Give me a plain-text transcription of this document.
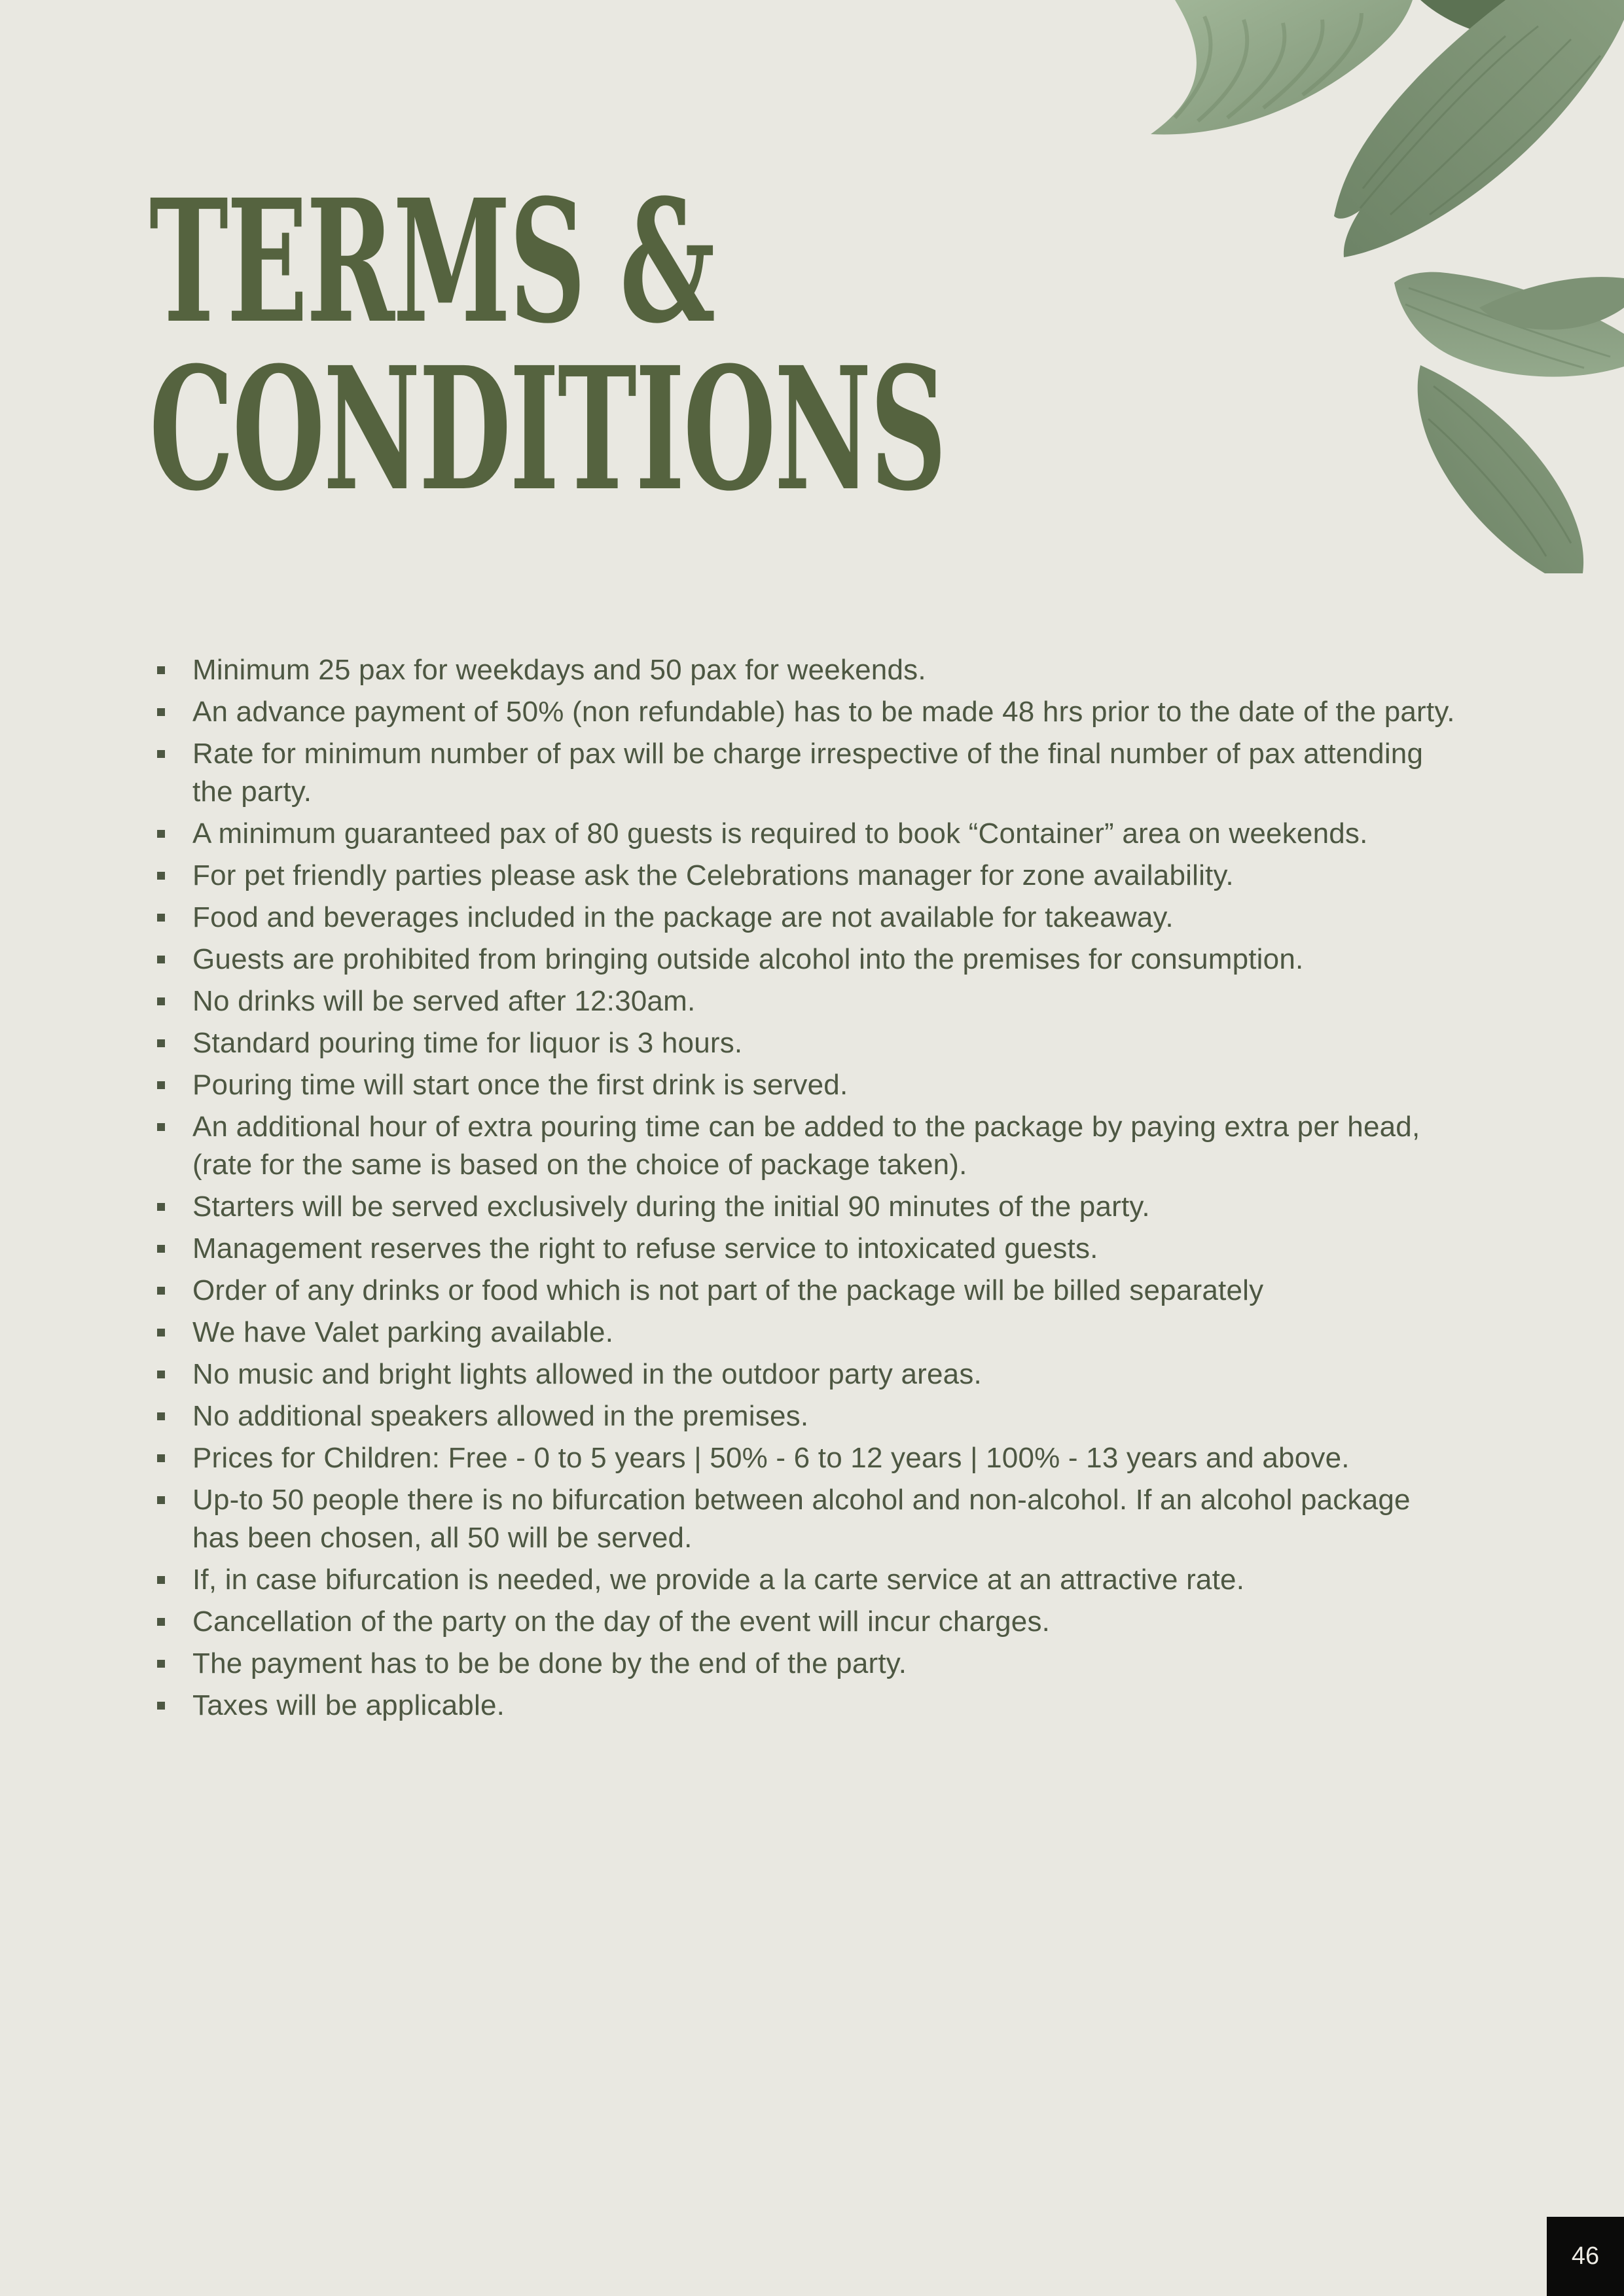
TERMS &
CONDITIONS
Minimum 25 pax for weekdays and 50 pax for weekends.
An advance payment of 50% (non refundable) has to be made 48 hrs prior to the date of the party.
Rate for minimum number of pax will be charge irrespective of the final number of pax attending the party.
A minimum guaranteed pax of 80 guests is required to book “Container” area on weekends.
For pet friendly parties please ask the Celebrations manager for zone availability.
Food and beverages included in the package are not available for takeaway.
Guests are prohibited from bringing outside alcohol into the premises for consumption.
No drinks will be served after 12:30am.
Standard pouring time for liquor is 3 hours.
Pouring time will start once the first drink is served.
An additional hour of extra pouring time can be added to the package by paying extra per head, (rate for the same is based on the choice of package taken).
Starters will be served exclusively during the initial 90 minutes of the party.
Management reserves the right to refuse service to intoxicated guests.
Order of any drinks or food which is not part of the package will be billed separately
We have Valet parking available.
No music and bright lights allowed in the outdoor party areas.
No additional speakers allowed in the premises.
Prices for Children: Free - 0 to 5 years | 50% - 6 to 12 years | 100% - 13 years and above.
Up-to 50 people there is no bifurcation between alcohol and non-alcohol. If an alcohol package has been chosen, all 50 will be served.
If, in case bifurcation is needed, we provide a la carte service at an attractive rate.
Cancellation of the party on the day of the event will incur charges.
The payment has to be be done by the end of the party.
Taxes will be applicable.
46
